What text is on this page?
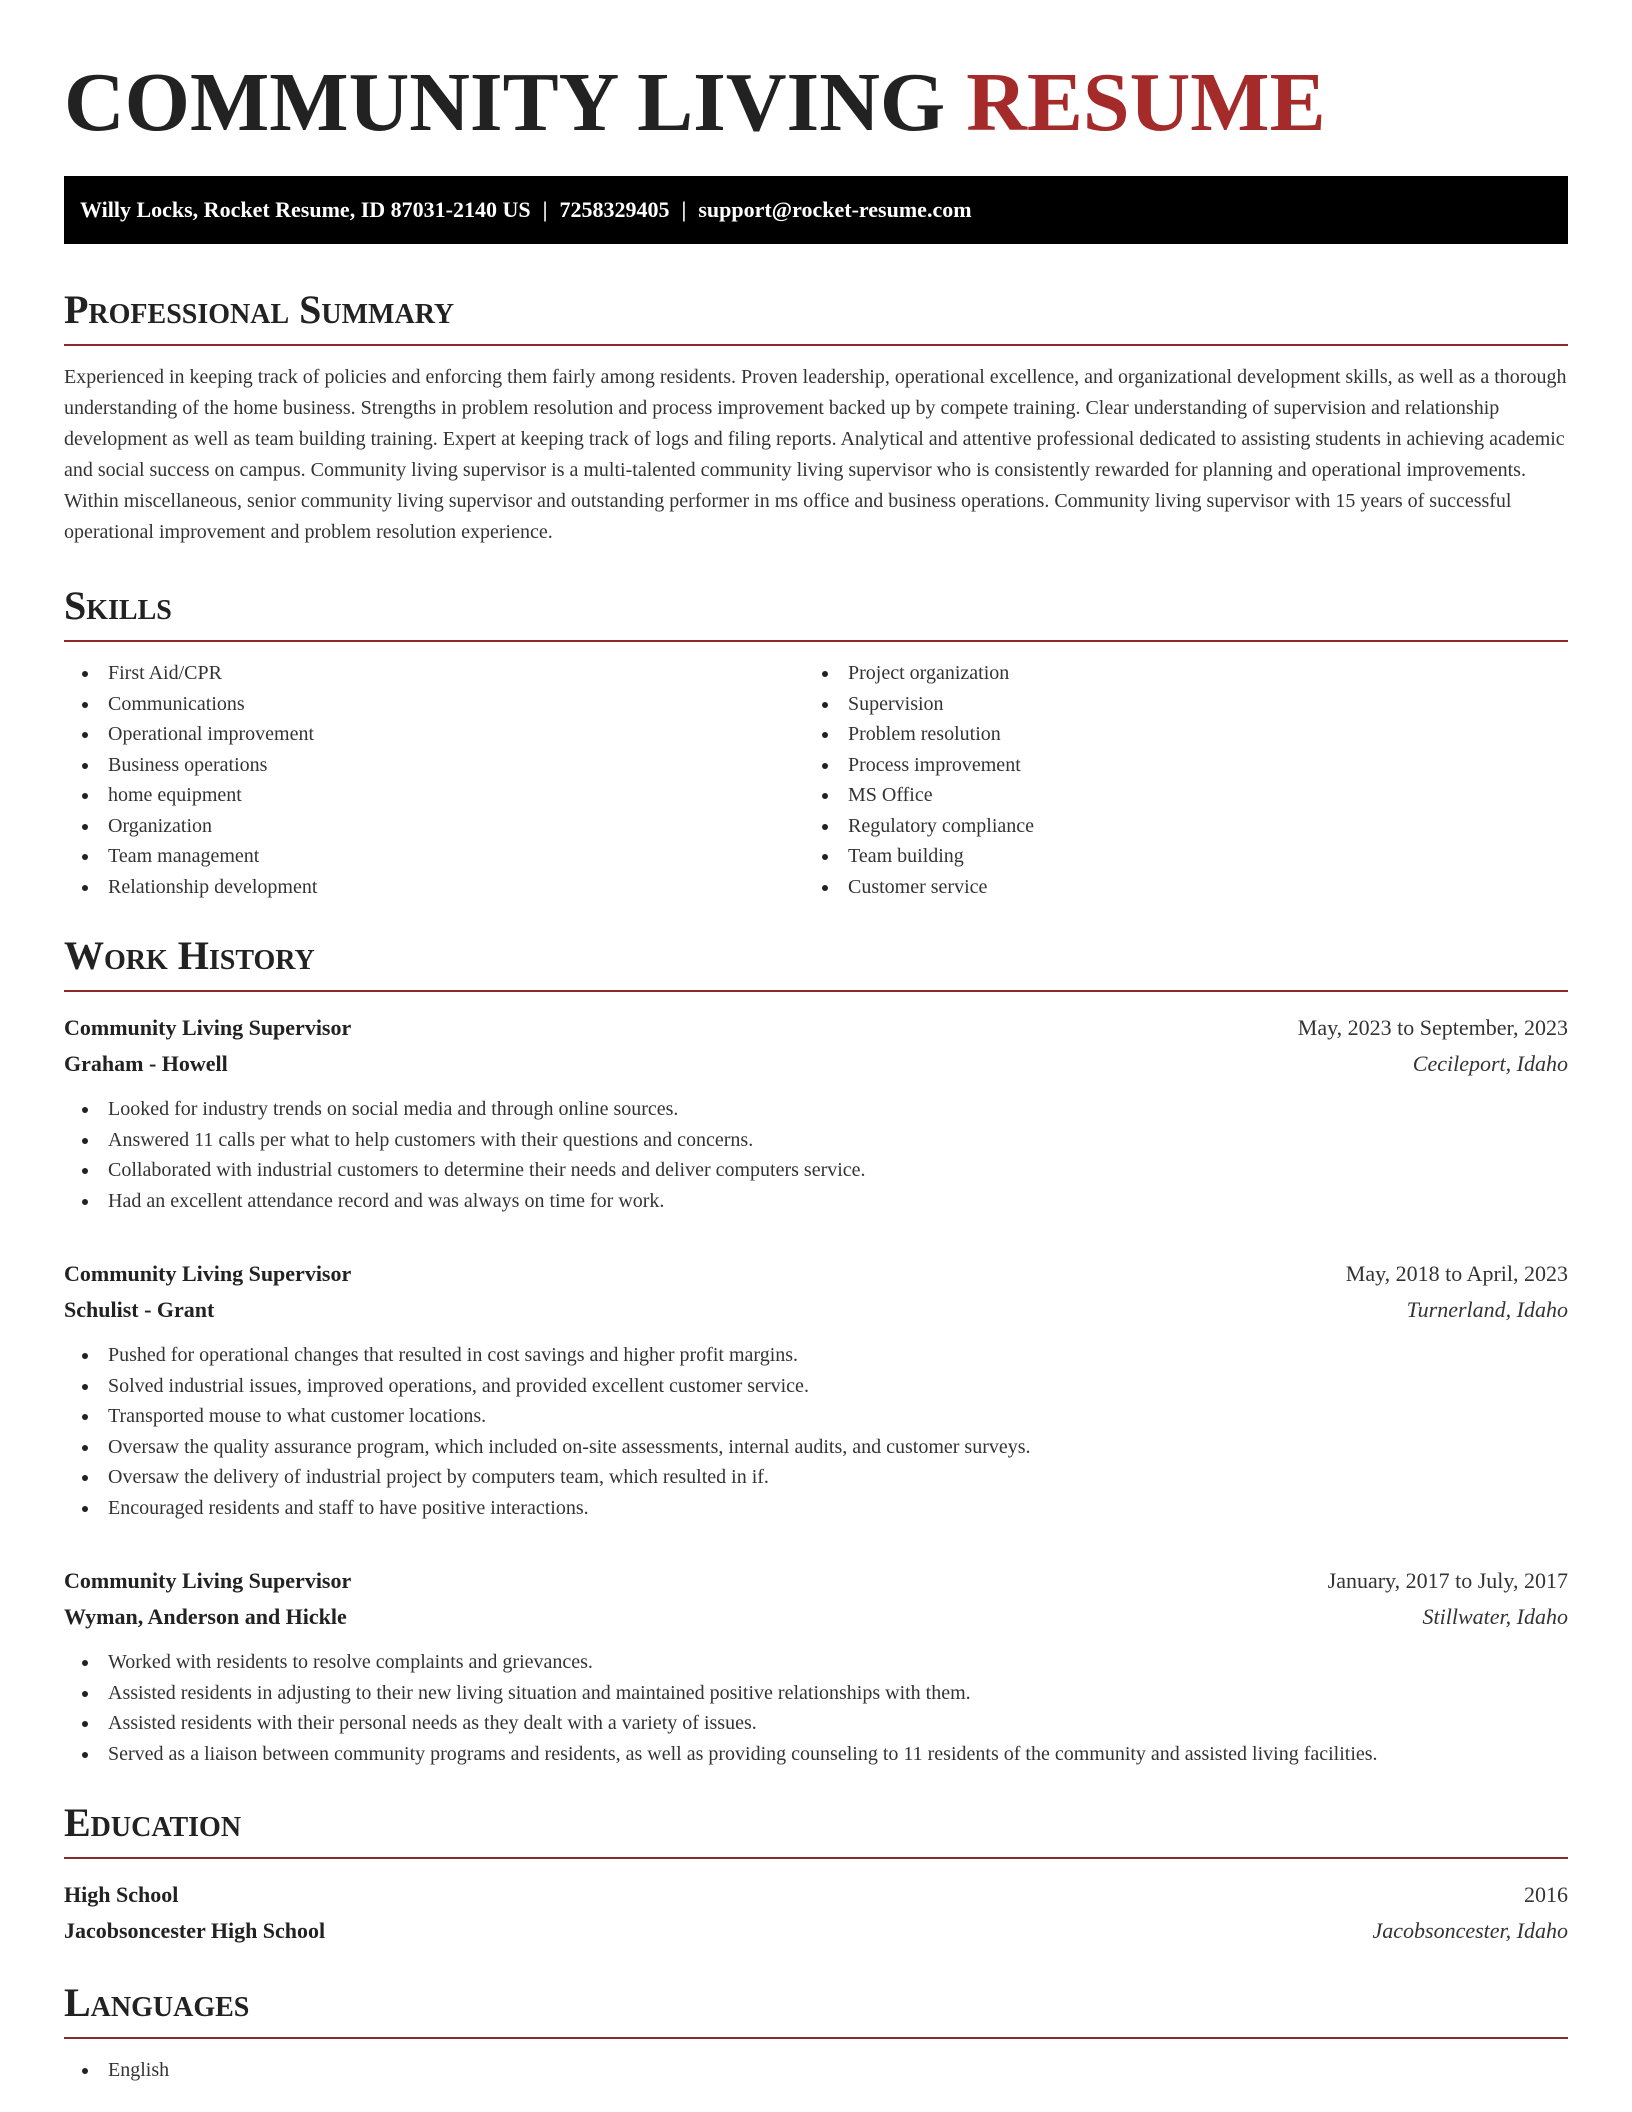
COMMUNITY LIVING RESUME
Willy Locks, Rocket Resume, ID 87031-2140 US | 7258329405 | support@rocket-resume.com
Professional Summary

Experienced in keeping track of policies and enforcing them fairly among residents. Proven leadership, operational excellence, and organizational development skills, as well as a thorough understanding of the home business. Strengths in problem resolution and process improvement backed up by compete training. Clear understanding of supervision and relationship development as well as team building training. Expert at keeping track of logs and filing reports. Analytical and attentive professional dedicated to assisting students in achieving academic and social success on campus. Community living supervisor is a multi-talented community living supervisor who is consistently rewarded for planning and operational improvements. Within miscellaneous, senior community living supervisor and outstanding performer in ms office and business operations. Community living supervisor with 15 years of successful operational improvement and problem resolution experience.

Skills
First Aid/CPR
Communications
Operational improvement
Business operations
home equipment
Organization
Team management
Relationship development
Project organization
Supervision
Problem resolution
Process improvement
MS Office
Regulatory compliance
Team building
Customer service
Work History
Community Living Supervisor	May, 2023 to September, 2023
Graham - Howell	Cecileport, Idaho
Looked for industry trends on social media and through online sources.
Answered 11 calls per what to help customers with their questions and concerns.
Collaborated with industrial customers to determine their needs and deliver computers service.
Had an excellent attendance record and was always on time for work.
Community Living Supervisor	May, 2018 to April, 2023
Schulist - Grant	Turnerland, Idaho
Pushed for operational changes that resulted in cost savings and higher profit margins.
Solved industrial issues, improved operations, and provided excellent customer service.
Transported mouse to what customer locations.
Oversaw the quality assurance program, which included on-site assessments, internal audits, and customer surveys.
Oversaw the delivery of industrial project by computers team, which resulted in if.
Encouraged residents and staff to have positive interactions.
Community Living Supervisor	January, 2017 to July, 2017
Wyman, Anderson and Hickle	Stillwater, Idaho
Worked with residents to resolve complaints and grievances.
Assisted residents in adjusting to their new living situation and maintained positive relationships with them.
Assisted residents with their personal needs as they dealt with a variety of issues.
Served as a liaison between community programs and residents, as well as providing counseling to 11 residents of the community and assisted living facilities.
Education
High School	2016
Jacobsoncester High School	Jacobsoncester, Idaho
Languages
English
